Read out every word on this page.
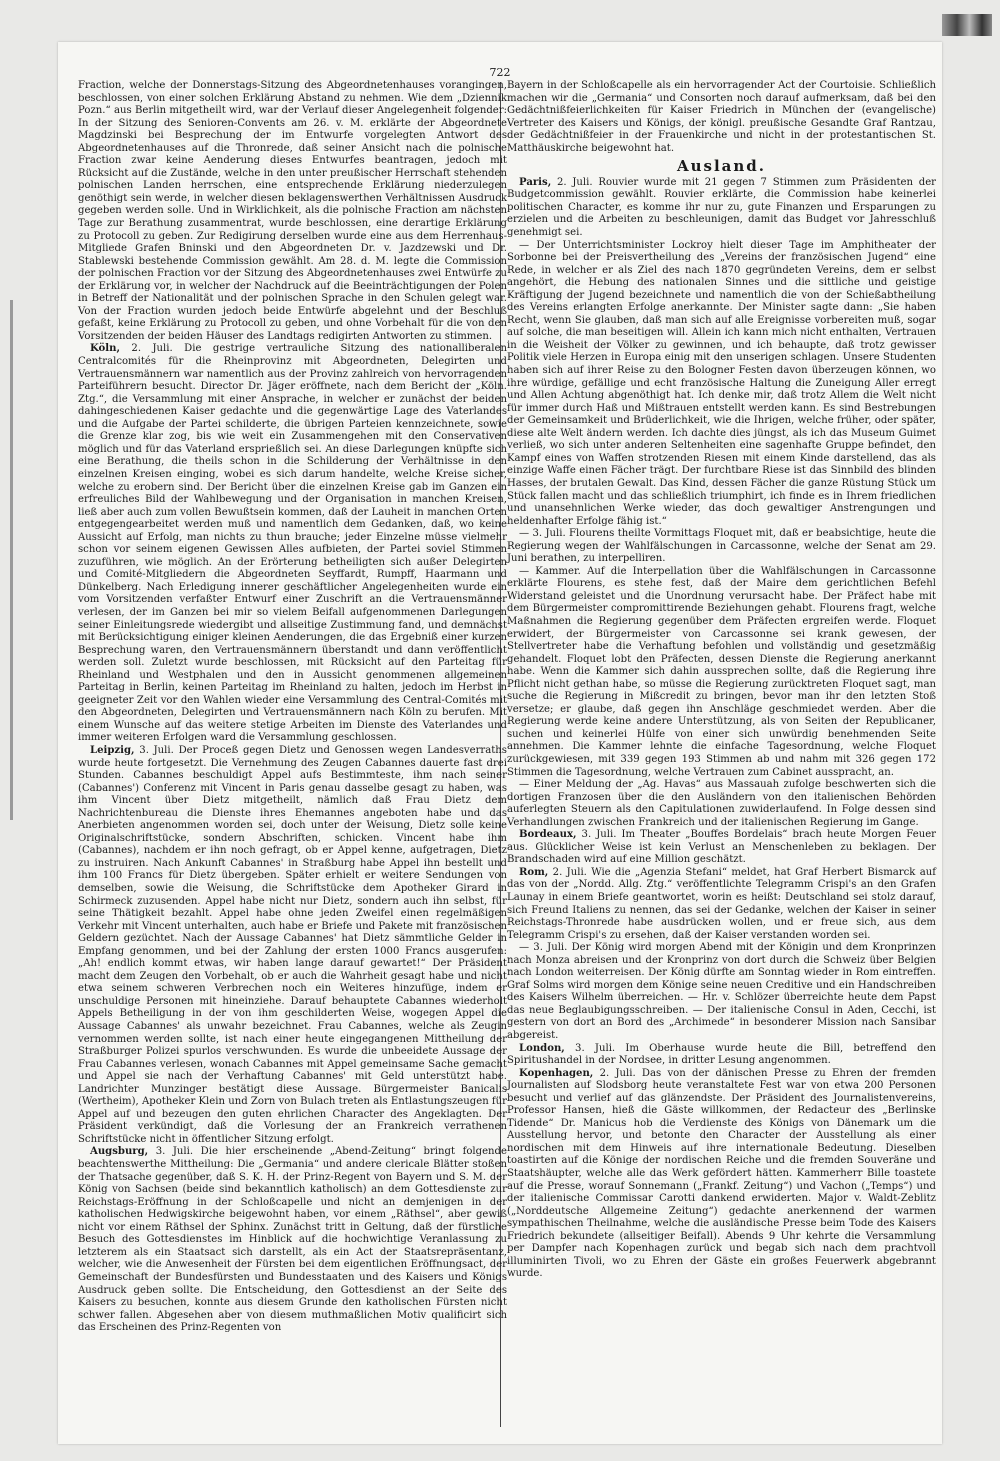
722

Fraction, welche der Donnerstags-Sitzung des Abgeordnetenhauses vorangingen, beschlossen, von einer solchen Erklärung Abstand zu nehmen. Wie dem „Dziennik Pozn.“ aus Berlin mitgetheilt wird, war der Verlauf dieser Angelegenheit folgender: In der Sitzung des Senioren-Convents am 26. v. M. erklärte der Abgeordnete Magdzinski bei Besprechung der im Entwurfe vorgelegten Antwort des Abgeordnetenhauses auf die Thronrede, daß seiner Ansicht nach die polnische Fraction zwar keine Aenderung dieses Entwurfes beantragen, jedoch mit Rücksicht auf die Zustände, welche in den unter preußischer Herrschaft stehenden polnischen Landen herrschen, eine entsprechende Erklärung niederzulegen genöthigt sein werde, in welcher diesen beklagenswerthen Verhältnissen Ausdruck gegeben werden solle. Und in Wirklichkeit, als die polnische Fraction am nächsten Tage zur Berathung zusammentrat, wurde beschlossen, eine derartige Erklärung zu Protocoll zu geben. Zur Redigirung derselben wurde eine aus dem Herrenhaus-Mitgliede Grafen Bninski und den Abgeordneten Dr. v. Jazdzewski und Dr. Stablewski bestehende Commission gewählt. Am 28. d. M. legte die Commission der polnischen Fraction vor der Sitzung des Abgeordnetenhauses zwei Entwürfe zu der Erklärung vor, in welcher der Nachdruck auf die Beeinträchtigungen der Polen in Betreff der Nationalität und der polnischen Sprache in den Schulen gelegt war. Von der Fraction wurden jedoch beide Entwürfe abgelehnt und der Beschluß gefaßt, keine Erklärung zu Protocoll zu geben, und ohne Vorbehalt für die von den Vorsitzenden der beiden Häuser des Landtags redigirten Antworten zu stimmen.

Köln, 2. Juli. Die gestrige vertrauliche Sitzung des nationalliberalen Centralcomités für die Rheinprovinz mit Abgeordneten, Delegirten und Vertrauensmännern war namentlich aus der Provinz zahlreich von hervorragenden Parteiführern besucht. Director Dr. Jäger eröffnete, nach dem Bericht der „Köln. Ztg.“, die Versammlung mit einer Ansprache, in welcher er zunächst der beiden dahingeschiedenen Kaiser gedachte und die gegenwärtige Lage des Vaterlandes und die Aufgabe der Partei schilderte, die übrigen Parteien kennzeichnete, sowie die Grenze klar zog, bis wie weit ein Zusammengehen mit den Conservativen möglich und für das Vaterland ersprießlich sei. An diese Darlegungen knüpfte sich eine Berathung, die theils schon in die Schilderung der Verhältnisse in den einzelnen Kreisen einging, wobei es sich darum handelte, welche Kreise sicher, welche zu erobern sind. Der Bericht über die einzelnen Kreise gab im Ganzen ein erfreuliches Bild der Wahlbewegung und der Organisation in manchen Kreisen, ließ aber auch zum vollen Bewußtsein kommen, daß der Lauheit in manchen Orten entgegengearbeitet werden muß und namentlich dem Gedanken, daß, wo keine Aussicht auf Erfolg, man nichts zu thun brauche; jeder Einzelne müsse vielmehr schon vor seinem eigenen Gewissen Alles aufbieten, der Partei soviel Stimmen zuzuführen, wie möglich. An der Erörterung betheiligten sich außer Delegirten und Comité-Mitgliedern die Abgeordneten Seyffardt, Rumpff, Haarmann und Dünkelberg. Nach Erledigung innerer geschäftlicher Angelegenheiten wurde ein vom Vorsitzenden verfaßter Entwurf einer Zuschrift an die Vertrauensmänner verlesen, der im Ganzen bei mir so vielem Beifall aufgenommenen Darlegungen seiner Einleitungsrede wiedergibt und allseitige Zustimmung fand, und demnächst mit Berücksichtigung einiger kleinen Aenderungen, die das Ergebniß einer kurzen Besprechung waren, den Vertrauensmännern überstandt und dann veröffentlicht werden soll. Zuletzt wurde beschlossen, mit Rücksicht auf den Parteitag für Rheinland und Westphalen und den in Aussicht genommenen allgemeinen Parteitag in Berlin, keinen Parteitag im Rheinland zu halten, jedoch im Herbst in geeigneter Zeit vor den Wahlen wieder eine Versammlung des Central-Comités mit den Abgeordneten, Delegirten und Vertrauensmännern nach Köln zu berufen. Mit einem Wunsche auf das weitere stetige Arbeiten im Dienste des Vaterlandes und immer weiteren Erfolgen ward die Versammlung geschlossen.

Leipzig, 3. Juli. Der Proceß gegen Dietz und Genossen wegen Landesverraths wurde heute fortgesetzt. Die Vernehmung des Zeugen Cabannes dauerte fast drei Stunden. Cabannes beschuldigt Appel aufs Bestimmteste, ihm nach seiner (Cabannes') Conferenz mit Vincent in Paris genau dasselbe gesagt zu haben, was ihm Vincent über Dietz mitgetheilt, nämlich daß Frau Dietz dem Nachrichtenbureau die Dienste ihres Ehemannes angeboten habe und das Anerbieten angenommen worden sei, doch unter der Weisung, Dietz solle keine Originalschriftstücke, sondern Abschriften, schicken. Vincent habe ihm (Cabannes), nachdem er ihn noch gefragt, ob er Appel kenne, aufgetragen, Dietz zu instruiren. Nach Ankunft Cabannes' in Straßburg habe Appel ihn bestellt und ihm 100 Francs für Dietz übergeben. Später erhielt er weitere Sendungen von demselben, sowie die Weisung, die Schriftstücke dem Apotheker Girard in Schirmeck zuzusenden. Appel habe nicht nur Dietz, sondern auch ihn selbst, für seine Thätigkeit bezahlt. Appel habe ohne jeden Zweifel einen regelmäßigen Verkehr mit Vincent unterhalten, auch habe er Briefe und Pakete mit französischen Geldern gezüchtet. Nach der Aussage Cabannes' hat Dietz sämmtliche Gelder in Empfang genommen, und bei der Zahlung der ersten 1000 Francs ausgerufen: „Ah! endlich kommt etwas, wir haben lange darauf gewartet!“ Der Präsident macht dem Zeugen den Vorbehalt, ob er auch die Wahrheit gesagt habe und nicht etwa seinem schweren Verbrechen noch ein Weiteres hinzufüge, indem er unschuldige Personen mit hineinziehe. Darauf behauptete Cabannes wiederholt Appels Betheiligung in der von ihm geschilderten Weise, wogegen Appel die Aussage Cabannes' als unwahr bezeichnet. Frau Cabannes, welche als Zeugin vernommen werden sollte, ist nach einer heute eingegangenen Mittheilung der Straßburger Polizei spurlos verschwunden. Es wurde die unbeeidete Aussage der Frau Cabannes verlesen, wonach Cabannes mit Appel gemeinsame Sache gemacht und Appel sie nach der Verhaftung Cabannes' mit Geld unterstützt habe. Landrichter Munzinger bestätigt diese Aussage. Bürgermeister Banicalis (Wertheim), Apotheker Klein und Zorn von Bulach treten als Entlastungszeugen für Appel auf und bezeugen den guten ehrlichen Character des Angeklagten. Der Präsident verkündigt, daß die Vorlesung der an Frankreich verrathenen Schriftstücke nicht in öffentlicher Sitzung erfolgt.

Augsburg, 3. Juli. Die hier erscheinende „Abend-Zeitung“ bringt folgende beachtenswerthe Mittheilung: Die „Germania“ und andere clericale Blätter stoßen der Thatsache gegenüber, daß S. K. H. der Prinz-Regent von Bayern und S. M. der König von Sachsen (beide sind bekanntlich katholisch) an dem Gottesdienste zur Reichstags-Eröffnung in der Schloßcapelle und nicht an demjenigen in der katholischen Hedwigskirche beigewohnt haben, vor einem „Räthsel“, aber gewiß nicht vor einem Räthsel der Sphinx. Zunächst tritt in Geltung, daß der fürstliche Besuch des Gottesdienstes im Hinblick auf die hochwichtige Veranlassung zu letzterem als ein Staatsact sich darstellt, als ein Act der Staatsrepräsentanz, welcher, wie die Anwesenheit der Fürsten bei dem eigentlichen Eröffnungsact, der Gemeinschaft der Bundesfürsten und Bundesstaaten und des Kaisers und Königs Ausdruck geben sollte. Die Entscheidung, den Gottesdienst an der Seite des Kaisers zu besuchen, konnte aus diesem Grunde den katholischen Fürsten nicht schwer fallen. Abgesehen aber von diesem muthmaßlichen Motiv qualificirt sich das Erscheinen des Prinz-Regenten von

Bayern in der Schloßcapelle als ein hervorragender Act der Courtoisie. Schließlich machen wir die „Germania“ und Consorten noch darauf aufmerksam, daß bei den Gedächtnißfeierlichkeiten für Kaiser Friedrich in München der (evangelische) Vertreter des Kaisers und Königs, der königl. preußische Gesandte Graf Rantzau, der Gedächtnißfeier in der Frauenkirche und nicht in der protestantischen St. Matthäuskirche beigewohnt hat.

Ausland.

Paris, 2. Juli. Rouvier wurde mit 21 gegen 7 Stimmen zum Präsidenten der Budgetcommission gewählt. Rouvier erklärte, die Commission habe keinerlei politischen Character, es komme ihr nur zu, gute Finanzen und Ersparungen zu erzielen und die Arbeiten zu beschleunigen, damit das Budget vor Jahresschluß genehmigt sei.

— Der Unterrichtsminister Lockroy hielt dieser Tage im Amphitheater der Sorbonne bei der Preisvertheilung des „Vereins der französischen Jugend“ eine Rede, in welcher er als Ziel des nach 1870 gegründeten Vereins, dem er selbst angehört, die Hebung des nationalen Sinnes und die sittliche und geistige Kräftigung der Jugend bezeichnete und namentlich die von der Schießabtheilung des Vereins erlangten Erfolge anerkannte. Der Minister sagte dann: „Sie haben Recht, wenn Sie glauben, daß man sich auf alle Ereignisse vorbereiten muß, sogar auf solche, die man beseitigen will. Allein ich kann mich nicht enthalten, Vertrauen in die Weisheit der Völker zu gewinnen, und ich behaupte, daß trotz gewisser Politik viele Herzen in Europa einig mit den unserigen schlagen. Unsere Studenten haben sich auf ihrer Reise zu den Bologner Festen davon überzeugen können, wo ihre würdige, gefällige und echt französische Haltung die Zuneigung Aller erregt und Allen Achtung abgenöthigt hat. Ich denke mir, daß trotz Allem die Welt nicht für immer durch Haß und Mißtrauen entstellt werden kann. Es sind Bestrebungen der Gemeinsamkeit und Brüderlichkeit, wie die Ihrigen, welche früher, oder später, diese alte Welt ändern werden. Ich dachte dies jüngst, als ich das Museum Guimet verließ, wo sich unter anderen Seltenheiten eine sagenhafte Gruppe befindet, den Kampf eines von Waffen strotzenden Riesen mit einem Kinde darstellend, das als einzige Waffe einen Fächer trägt. Der furchtbare Riese ist das Sinnbild des blinden Hasses, der brutalen Gewalt. Das Kind, dessen Fächer die ganze Rüstung Stück um Stück fallen macht und das schließlich triumphirt, ich finde es in Ihrem friedlichen und unansehnlichen Werke wieder, das doch gewaltiger Anstrengungen und heldenhafter Erfolge fähig ist.“

— 3. Juli. Flourens theilte Vormittags Floquet mit, daß er beabsichtige, heute die Regierung wegen der Wahlfälschungen in Carcassonne, welche der Senat am 29. Juni berathen, zu interpelliren.

— Kammer. Auf die Interpellation über die Wahlfälschungen in Carcassonne erklärte Flourens, es stehe fest, daß der Maire dem gerichtlichen Befehl Widerstand geleistet und die Unordnung verursacht habe. Der Präfect habe mit dem Bürgermeister compromittirende Beziehungen gehabt. Flourens fragt, welche Maßnahmen die Regierung gegenüber dem Präfecten ergreifen werde. Floquet erwidert, der Bürgermeister von Carcassonne sei krank gewesen, der Stellvertreter habe die Verhaftung befohlen und vollständig und gesetzmäßig gehandelt. Floquet lobt den Präfecten, dessen Dienste die Regierung anerkannt habe. Wenn die Kammer sich dahin aussprechen sollte, daß die Regierung ihre Pflicht nicht gethan habe, so müsse die Regierung zurücktreten Floquet sagt, man suche die Regierung in Mißcredit zu bringen, bevor man ihr den letzten Stoß versetze; er glaube, daß gegen ihn Anschläge geschmiedet werden. Aber die Regierung werde keine andere Unterstützung, als von Seiten der Republicaner, suchen und keinerlei Hülfe von einer sich unwürdig benehmenden Seite annehmen. Die Kammer lehnte die einfache Tagesordnung, welche Floquet zurückgewiesen, mit 339 gegen 193 Stimmen ab und nahm mit 326 gegen 172 Stimmen die Tagesordnung, welche Vertrauen zum Cabinet ausspracht, an.

— Einer Meldung der „Ag. Havas“ aus Massauah zufolge beschwerten sich die dortigen Franzosen über die den Ausländern von den italienischen Behörden auferlegten Steuern als den Capitulationen zuwiderlaufend. In Folge dessen sind Verhandlungen zwischen Frankreich und der italienischen Regierung im Gange.

Bordeaux, 3. Juli. Im Theater „Bouffes Bordelais“ brach heute Morgen Feuer aus. Glücklicher Weise ist kein Verlust an Menschenleben zu beklagen. Der Brandschaden wird auf eine Million geschätzt.

Rom, 2. Juli. Wie die „Agenzia Stefani“ meldet, hat Graf Herbert Bismarck auf das von der „Nordd. Allg. Ztg.“ veröffentlichte Telegramm Crispi's an den Grafen Launay in einem Briefe geantwortet, worin es heißt: Deutschland sei stolz darauf, sich Freund Italiens zu nennen, das sei der Gedanke, welchen der Kaiser in seiner Reichstags-Thronrede habe ausdrücken wollen, und er freue sich, aus dem Telegramm Crispi's zu ersehen, daß der Kaiser verstanden worden sei.

— 3. Juli. Der König wird morgen Abend mit der Königin und dem Kronprinzen nach Monza abreisen und der Kronprinz von dort durch die Schweiz über Belgien nach London weiterreisen. Der König dürfte am Sonntag wieder in Rom eintreffen. Graf Solms wird morgen dem Könige seine neuen Creditive und ein Handschreiben des Kaisers Wilhelm überreichen. — Hr. v. Schlözer überreichte heute dem Papst das neue Beglaubigungsschreiben. — Der italienische Consul in Aden, Cecchi, ist gestern von dort an Bord des „Archimede“ in besonderer Mission nach Sansibar abgereist.

London, 3. Juli. Im Oberhause wurde heute die Bill, betreffend den Spiritushandel in der Nordsee, in dritter Lesung angenommen.

Kopenhagen, 2. Juli. Das von der dänischen Presse zu Ehren der fremden Journalisten auf Slodsborg heute veranstaltete Fest war von etwa 200 Personen besucht und verlief auf das glänzendste. Der Präsident des Journalistenvereins, Professor Hansen, hieß die Gäste willkommen, der Redacteur des „Berlinske Tidende“ Dr. Manicus hob die Verdienste des Königs von Dänemark um die Ausstellung hervor, und betonte den Character der Ausstellung als einer nordischen mit dem Hinweis auf ihre internationale Bedeutung. Dieselben toastirten auf die Könige der nordischen Reiche und die fremden Souveräne und Staatshäupter, welche alle das Werk gefördert hätten. Kammerherr Bille toastete auf die Presse, worauf Sonnemann („Frankf. Zeitung“) und Vachon („Temps“) und der italienische Commissar Carotti dankend erwiderten. Major v. Waldt-Zeblitz („Norddeutsche Allgemeine Zeitung“) gedachte anerkennend der warmen sympathischen Theilnahme, welche die ausländische Presse beim Tode des Kaisers Friedrich bekundete (allseitiger Beifall). Abends 9 Uhr kehrte die Versammlung per Dampfer nach Kopenhagen zurück und begab sich nach dem prachtvoll illuminirten Tivoli, wo zu Ehren der Gäste ein großes Feuerwerk abgebrannt wurde.
